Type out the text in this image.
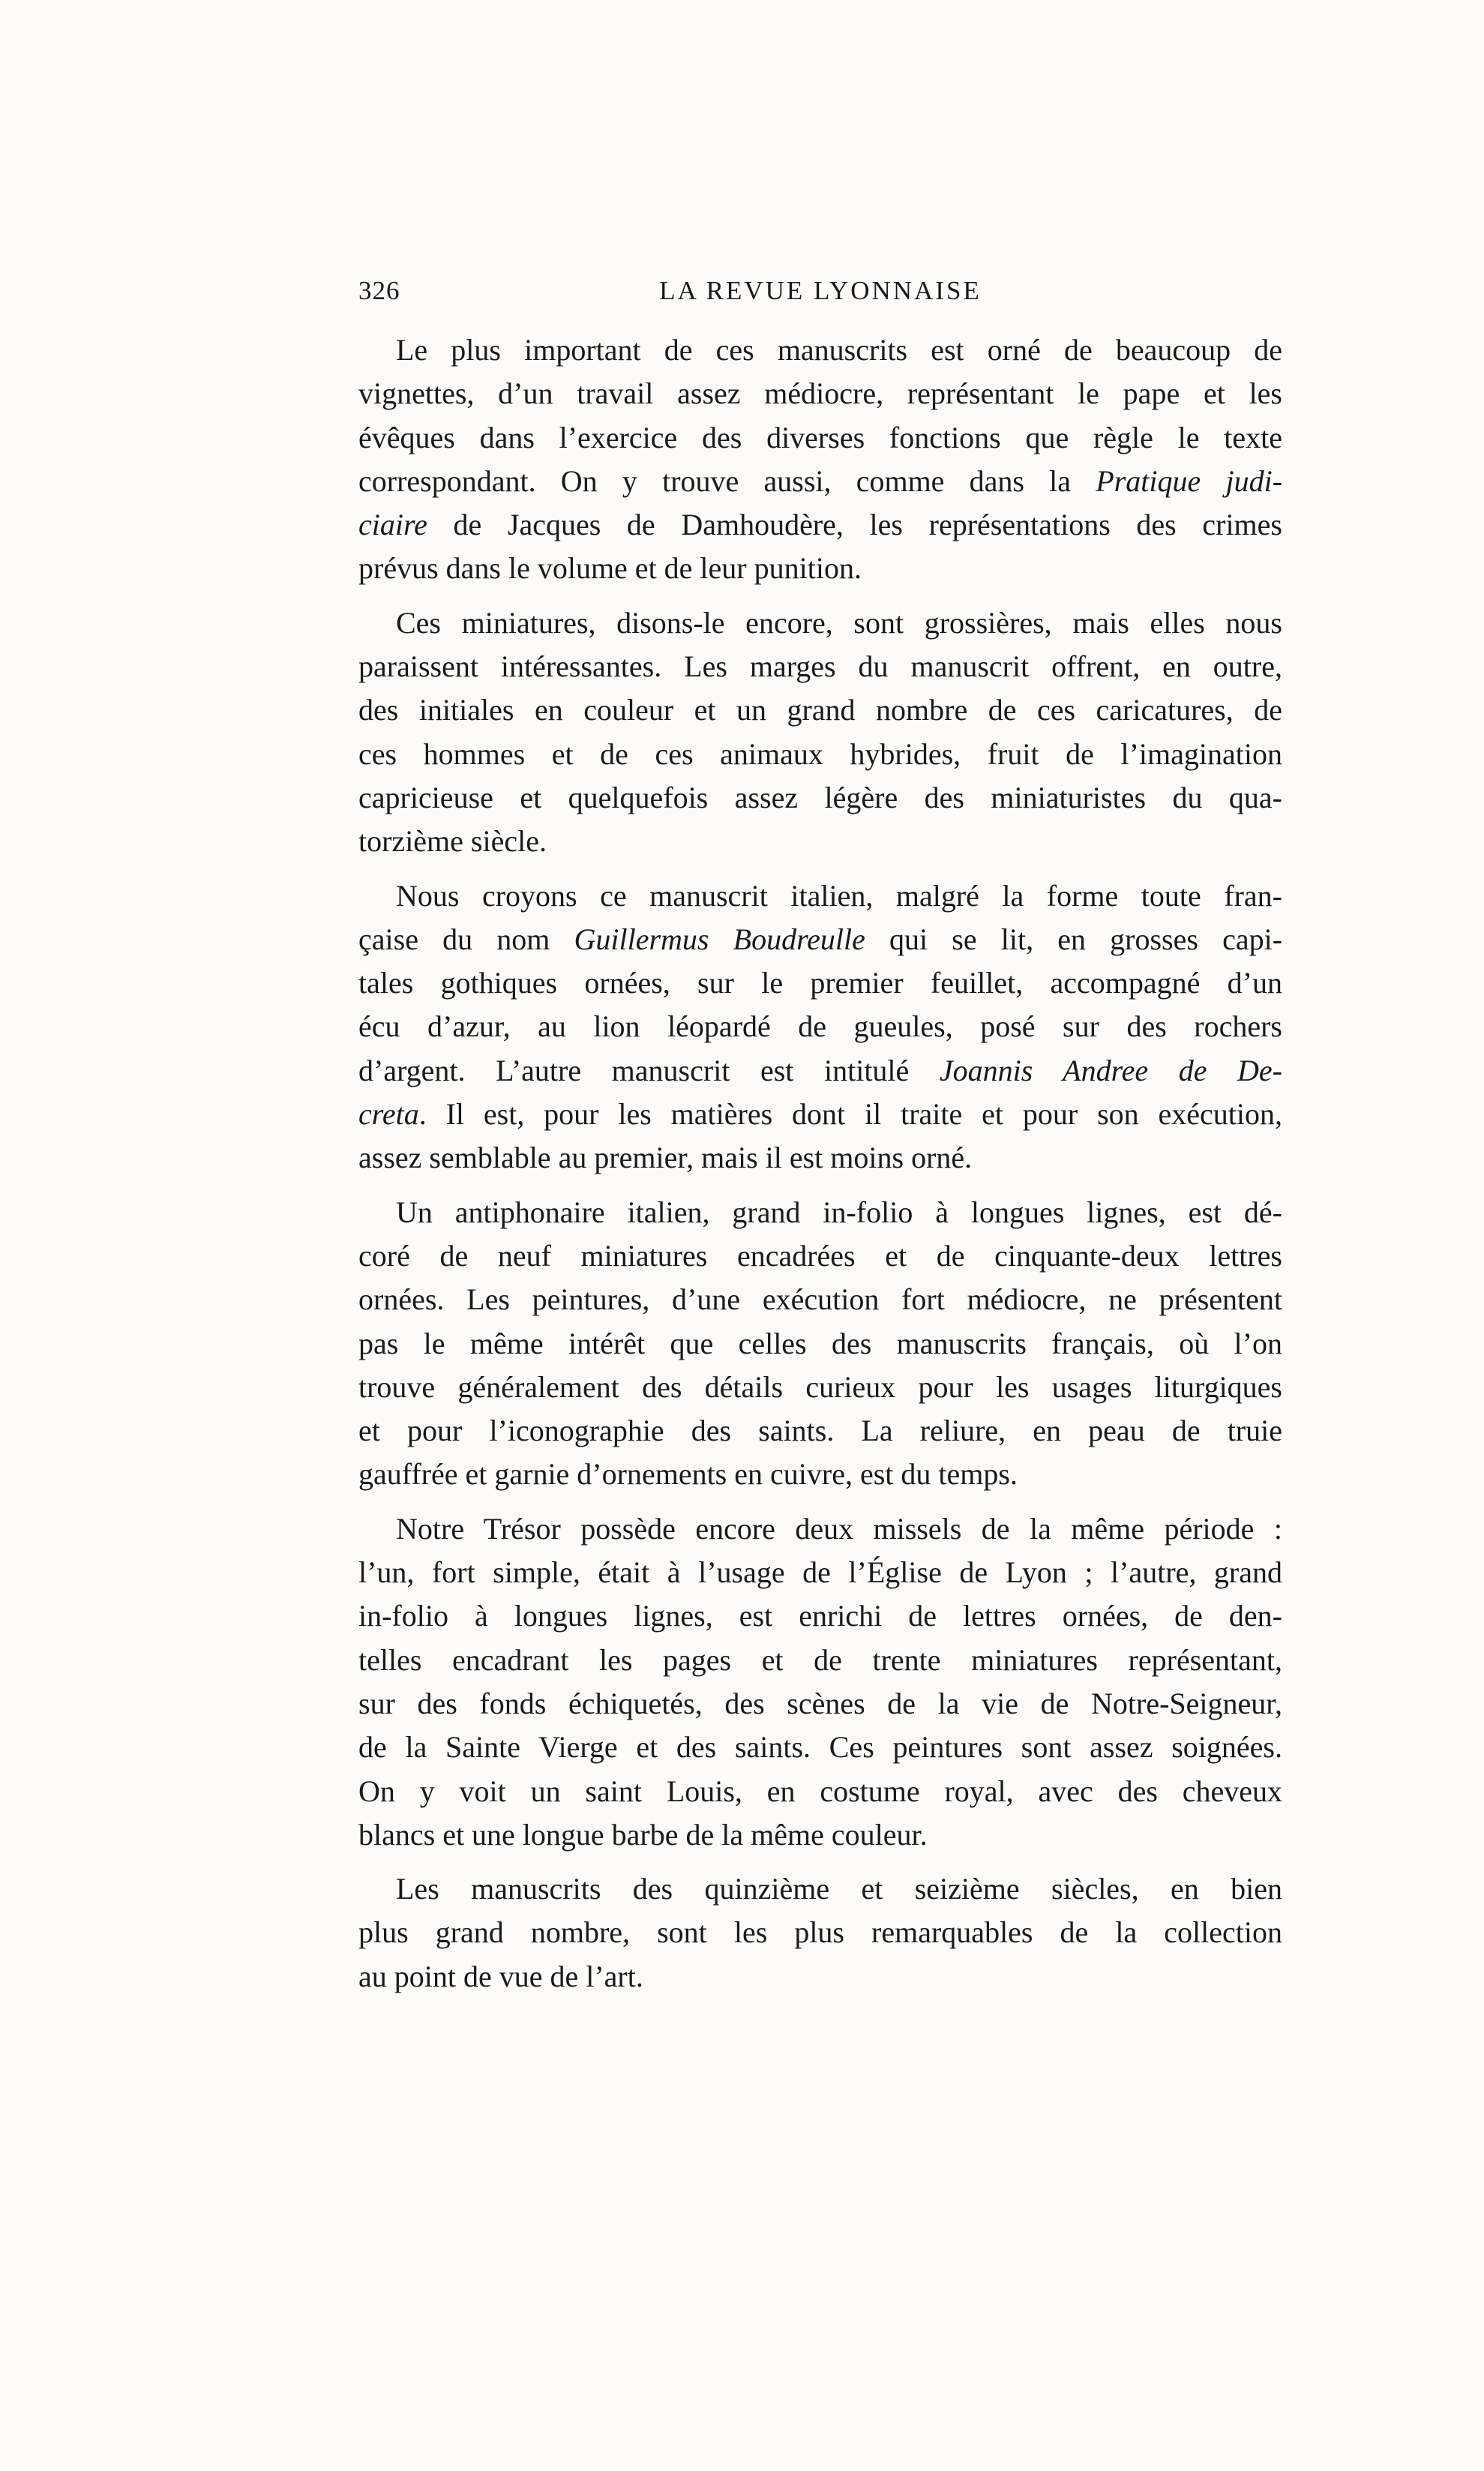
326	LA REVUE LYONNAISE
Le plus important de ces manuscrits est orné de beaucoup de
vignettes, d’un travail assez médiocre, représentant le pape et les
évêques dans l’exercice des diverses fonctions que règle le texte
correspondant. On y trouve aussi, comme dans la Pratique judi-
ciaire de Jacques de Damhoudère, les représentations des crimes
prévus dans le volume et de leur punition.
Ces miniatures, disons-le encore, sont grossières, mais elles nous
paraissent intéressantes. Les marges du manuscrit offrent, en outre,
des initiales en couleur et un grand nombre de ces caricatures, de
ces hommes et de ces animaux hybrides, fruit de l’imagination
capricieuse et quelquefois assez légère des miniaturistes du qua-
torzième siècle.
Nous croyons ce manuscrit italien, malgré la forme toute fran-
çaise du nom Guillermus Boudreulle qui se lit, en grosses capi-
tales gothiques ornées, sur le premier feuillet, accompagné d’un
écu d’azur, au lion léopardé de gueules, posé sur des rochers
d’argent. L’autre manuscrit est intitulé Joannis Andree de De-
creta. Il est, pour les matières dont il traite et pour son exécution,
assez semblable au premier, mais il est moins orné.
Un antiphonaire italien, grand in-folio à longues lignes, est dé-
coré de neuf miniatures encadrées et de cinquante-deux lettres
ornées. Les peintures, d’une exécution fort médiocre, ne présentent
pas le même intérêt que celles des manuscrits français, où l’on
trouve généralement des détails curieux pour les usages liturgiques
et pour l’iconographie des saints. La reliure, en peau de truie
gauffrée et garnie d’ornements en cuivre, est du temps.
Notre Trésor possède encore deux missels de la même période :
l’un, fort simple, était à l’usage de l’Église de Lyon ; l’autre, grand
in-folio à longues lignes, est enrichi de lettres ornées, de den-
telles encadrant les pages et de trente miniatures représentant,
sur des fonds échiquetés, des scènes de la vie de Notre-Seigneur,
de la Sainte Vierge et des saints. Ces peintures sont assez soignées.
On y voit un saint Louis, en costume royal, avec des cheveux
blancs et une longue barbe de la même couleur.
Les manuscrits des quinzième et seizième siècles, en bien
plus grand nombre, sont les plus remarquables de la collection
au point de vue de l’art.
